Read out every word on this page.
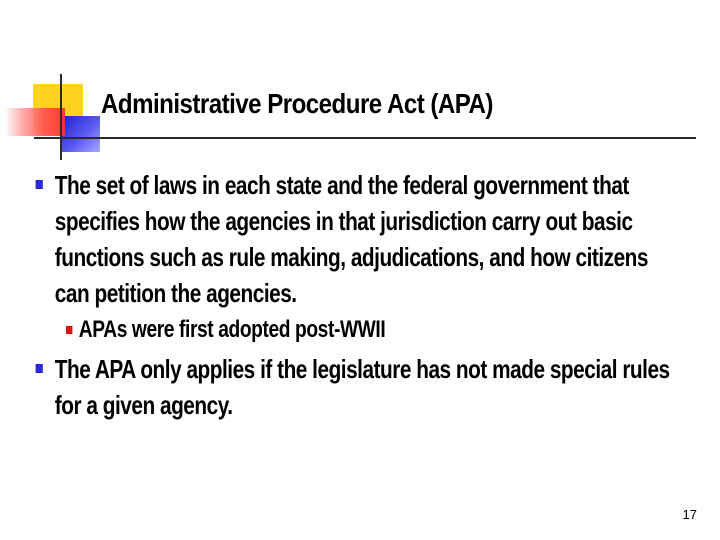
Administrative Procedure Act (APA)
The set of laws in each state and the federal government that specifies how the agencies in that jurisdiction carry out basic functions such as rule making, adjudications, and how citizens can petition the agencies.
APAs were first adopted post-WWII
The APA only applies if the legislature has not made special rules for a given agency.
17
